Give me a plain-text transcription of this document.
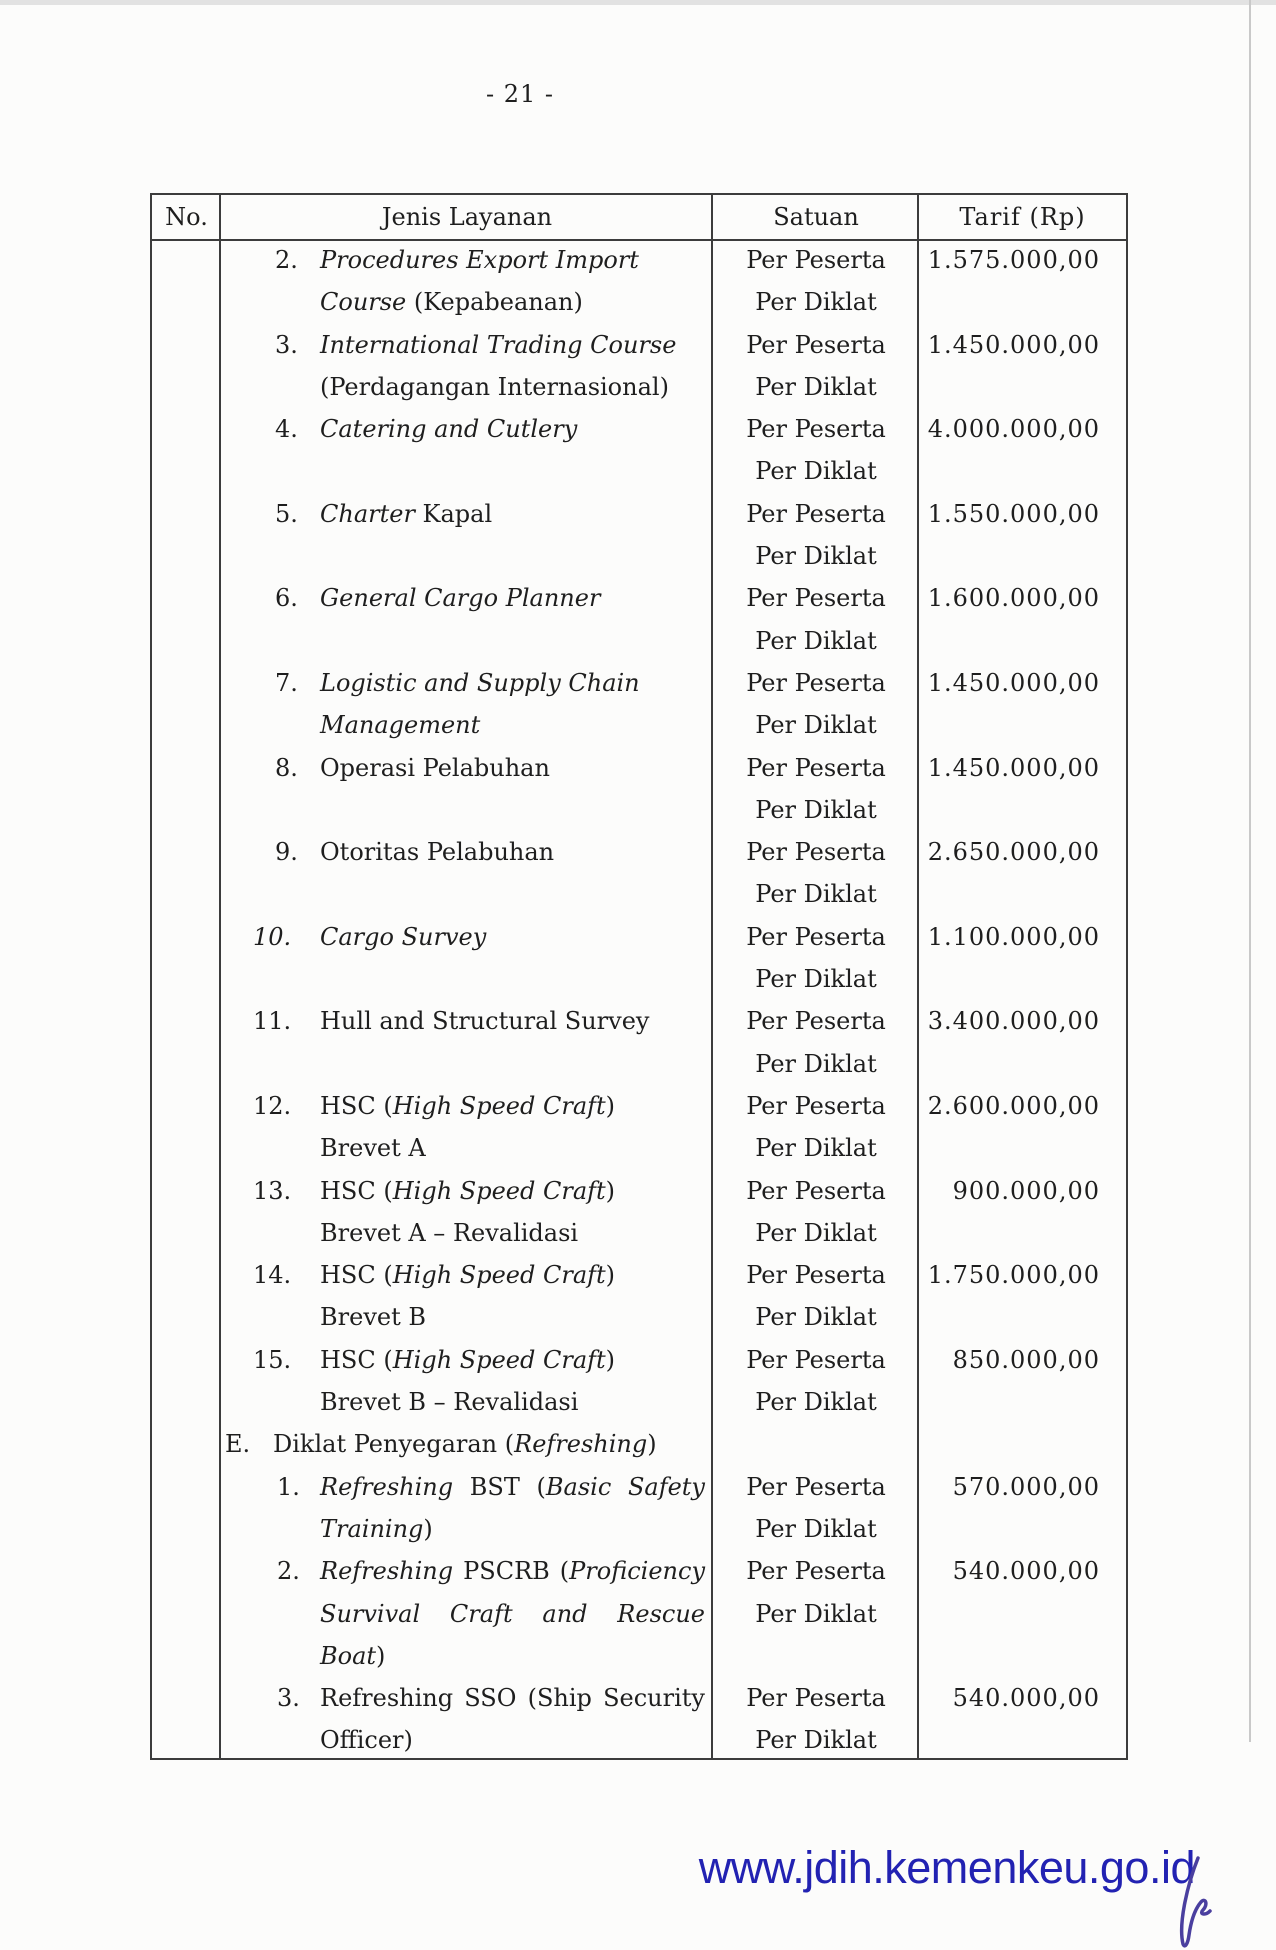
- 21 -
No.	Jenis Layanan	Satuan	Tarif (Rp)
2. Procedures Export Import	Per Peserta	1.575.000,00
Course (Kepabeanan)	Per Diklat
3. International Trading Course	Per Peserta	1.450.000,00
(Perdagangan Internasional)	Per Diklat
4. Catering and Cutlery	Per Peserta	4.000.000,00
Per Diklat
5. Charter Kapal	Per Peserta	1.550.000,00
Per Diklat
6. General Cargo Planner	Per Peserta	1.600.000,00
Per Diklat
7. Logistic and Supply Chain	Per Peserta	1.450.000,00
Management	Per Diklat
8. Operasi Pelabuhan	Per Peserta	1.450.000,00
Per Diklat
9. Otoritas Pelabuhan	Per Peserta	2.650.000,00
Per Diklat
10. Cargo Survey	Per Peserta	1.100.000,00
Per Diklat
11. Hull and Structural Survey	Per Peserta	3.400.000,00
Per Diklat
12. HSC (High Speed Craft)	Per Peserta	2.600.000,00
Brevet A	Per Diklat
13. HSC (High Speed Craft)	Per Peserta	900.000,00
Brevet A – Revalidasi	Per Diklat
14. HSC (High Speed Craft)	Per Peserta	1.750.000,00
Brevet B	Per Diklat
15. HSC (High Speed Craft)	Per Peserta	850.000,00
Brevet B – Revalidasi	Per Diklat
E. Diklat Penyegaran (Refreshing)
1. Refreshing BST (Basic Safety	Per Peserta	570.000,00
Training)	Per Diklat
2. Refreshing PSCRB (Proficiency	Per Peserta	540.000,00
Survival Craft and Rescue	Per Diklat
Boat)
3. Refreshing SSO (Ship Security	Per Peserta	540.000,00
Officer)	Per Diklat
www.jdih.kemenkeu.go.id
